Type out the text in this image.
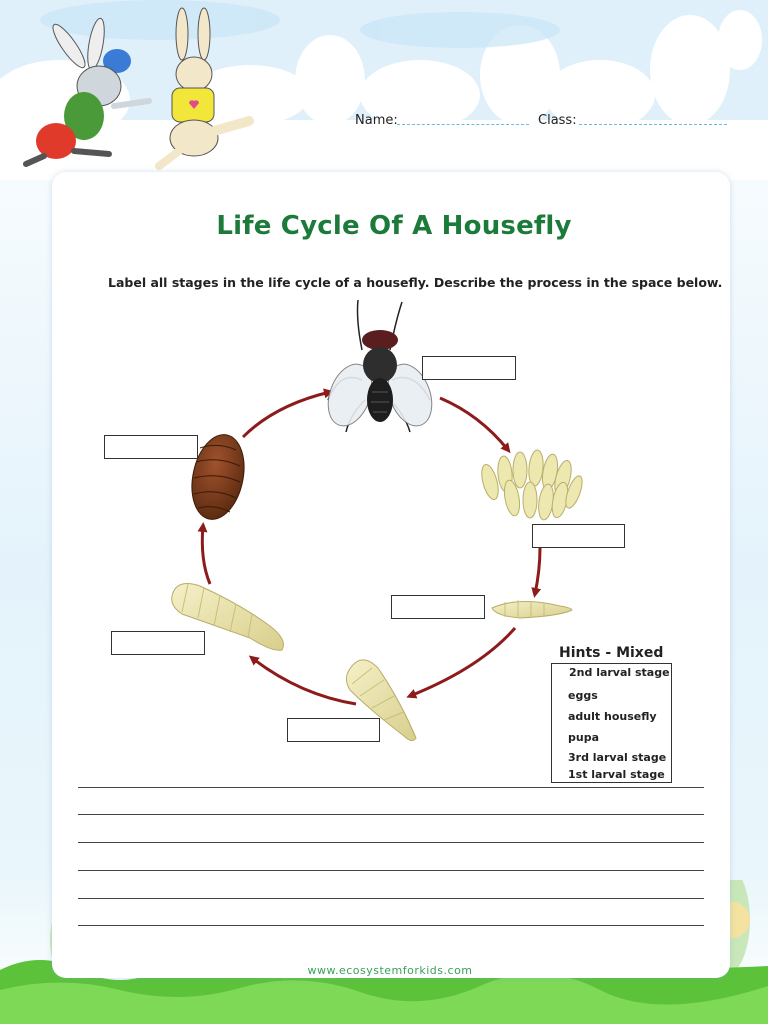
Name:	Class:
Life Cycle Of A Housefly
Label all stages in the life cycle of a housefly. Describe the process in the space below.
Hints - Mixed
2nd larval stage
eggs
adult housefly
pupa
3rd larval stage
1st larval stage
www.ecosystemforkids.com
